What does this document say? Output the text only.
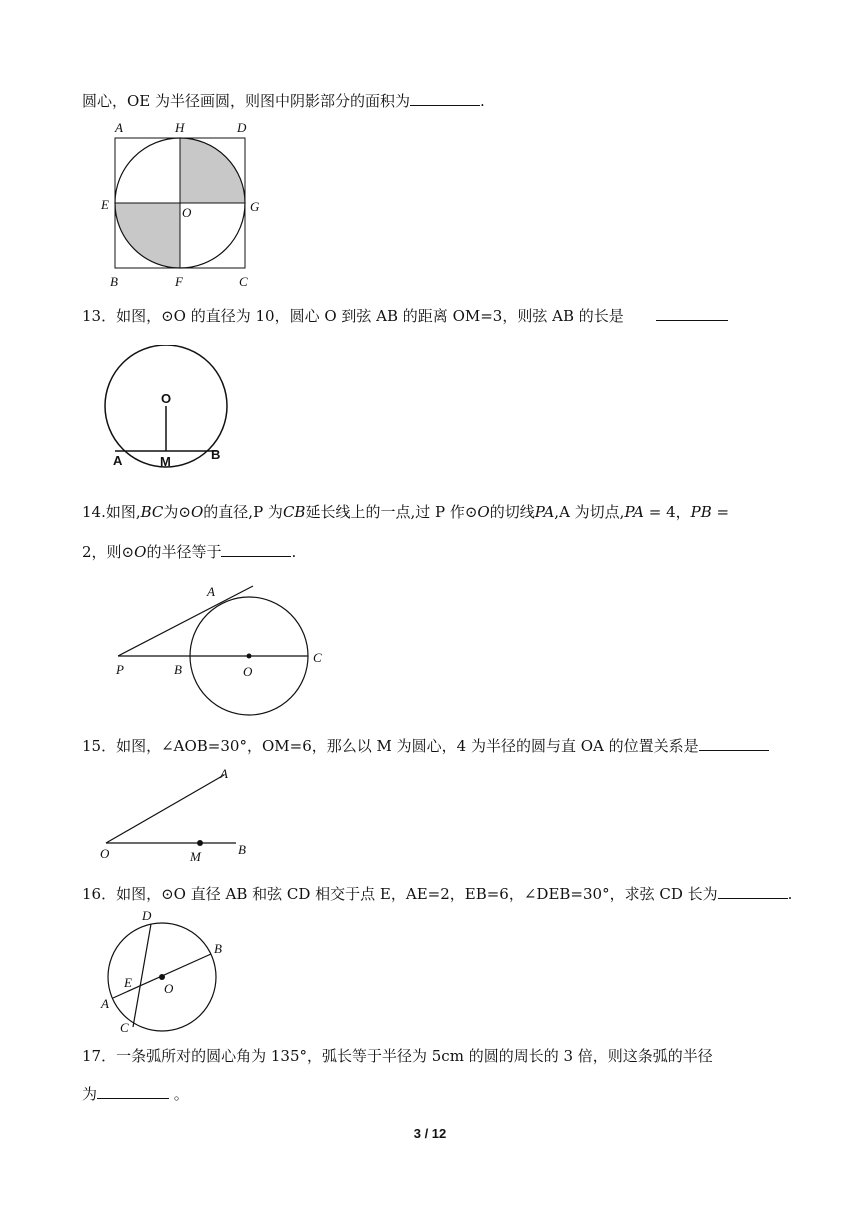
圆心，OE 为半径画圆，则图中阴影部分的面积为	.
A	H	D
E
O	G
B	F	C
13．如图，⊙O 的直径为 10，圆心 O 到弦 AB 的距离 OM=3，则弦 AB 的长是
O
A	M	B
14.如图,BC为⊙O的直径,P 为CB延长线上的一点,过 P 作⊙O的切线PA,A 为切点,PA = 4，PB =
2，则⊙O的半径等于	.
A
P	B	O
C
15．如图，∠AOB=30°，OM=6，那么以 M 为圆心，4 为半径的圆与直 OA 的位置关系是
A
O	M	B
16．如图，⊙O 直径 AB 和弦 CD 相交于点 E，AE=2，EB=6，∠DEB=30°，求弦 CD 长为	.
D
B
E O
A
C
17．一条弧所对的圆心角为 135°，弧长等于半径为 5cm 的圆的周长的 3 倍，则这条弧的半径
为	。
3 / 12
